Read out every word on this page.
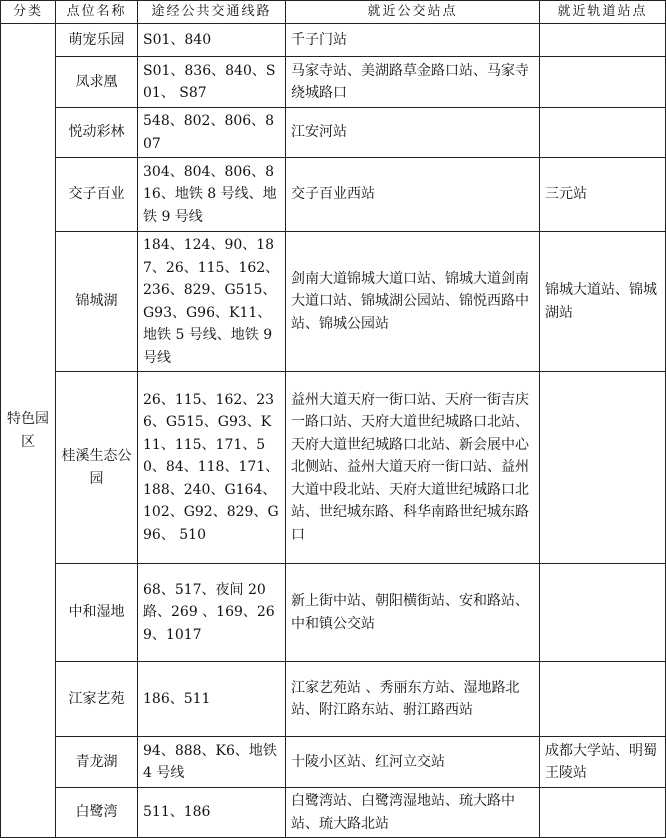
分类	点位名称	途经公共交通线路	就近公交站点	就近轨道站点
特色园区	萌宠乐园	S01、840	千子门站	
	凤求凰	S01、836、840、S01、 S87	马家寺站、美湖路草金路口站、马家寺绕城路口	
	悦动彩林	548、802、806、807	江安河站	
	交子百业	304、804、806、816、地铁 8 号线、地铁 9 号线	交子百业西站	三元站
	锦城湖	184、124、90、187、26、115、162、236、829、G515、G93、G96、K11、地铁 5 号线、地铁 9 号线	剑南大道锦城大道口站、锦城大道剑南大道口站、锦城湖公园站、锦悦西路中站、锦城公园站	锦城大道站、锦城湖站
	桂溪生态公园	26、115、162、236、G515、G93、K11、115、171、50、84、118、171、188、240、G164、102、G92、829、G96、 510	益州大道天府一街口站、天府一街吉庆一路口站、天府大道世纪城路口北站、天府大道世纪城路口北站、新会展中心北侧站、益州大道天府一街口站、益州大道中段北站、天府大道世纪城路口北站、世纪城东路、科华南路世纪城东路口	
	中和湿地	68、517、夜间 20 路、269 、169、269、1017	新上街中站、朝阳横街站、安和路站、中和镇公交站	
	江家艺苑	186、511	江家艺苑站 、秀丽东方站、湿地路北站、附江路东站、驸江路西站	
	青龙湖	94、888、K6、地铁 4 号线	十陵小区站、红河立交站	成都大学站、明蜀王陵站
	白鹭湾	511、186	白鹭湾站、白鹭湾湿地站、琉大路中站、琉大路北站	
